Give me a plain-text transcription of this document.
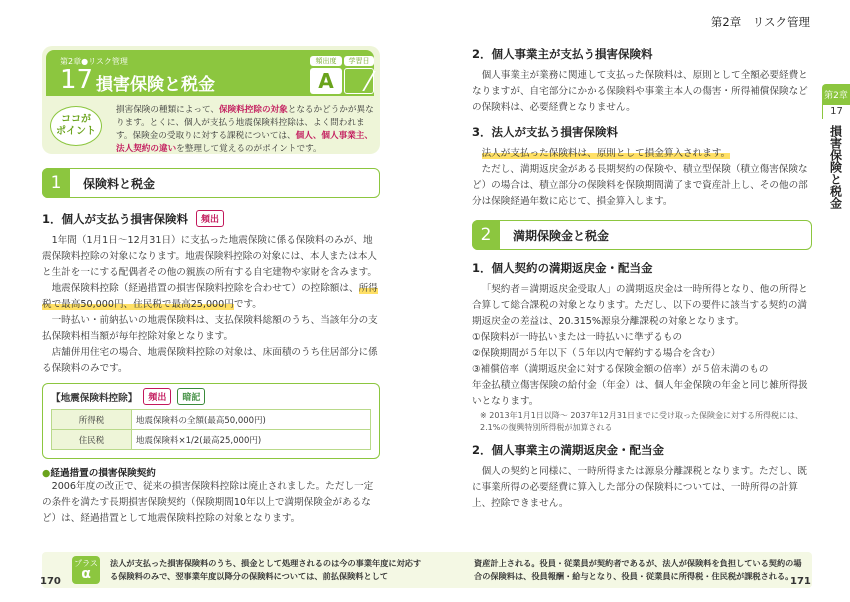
第2章　リスク管理
第2章●リスク管理
17 損害保険と税金
頻出度
A
学習日
ココが
ポイント
損害保険の種類によって、保険料控除の対象となるかどうかが異なります。とくに、個人が支払う地震保険料控除は、よく問われます。保険金の受取りに対する課税については、個人、個人事業主、法人契約の違いを整理して覚えるのがポイントです。
1	保険料と税金
1．個人が支払う損害保険料	頻出

1年間（1月1日～12月31日）に支払った地震保険に係る保険料のみが、地震保険料控除の対象になります。地震保険料控除の対象には、本人または本人と生計を一にする配偶者その他の親族の所有する自宅建物や家財を含みます。

地震保険料控除（経過措置の損害保険料控除を合わせて）の控除額は、所得税で最高50,000円、住民税で最高25,000円です。

一時払い・前納払いの地震保険料は、支払保険料総額のうち、当該年分の支払保険料相当額が毎年控除対象となります。

店舗併用住宅の場合、地震保険料控除の対象は、床面積のうち住居部分に係る保険料のみです。

【地震保険料控除】	頻出	暗記
所得税	地震保険料の全額(最高50,000円)
住民税	地震保険料×1/2(最高25,000円)
● 経過措置の損害保険契約

2006年度の改正で、従来の損害保険料控除は廃止されました。ただし一定の条件を満たす長期損害保険契約（保険期間10年以上で満期保険金があるなど）は、経過措置として地震保険料控除の対象となります。

2．個人事業主が支払う損害保険料

個人事業主が業務に関連して支払った保険料は、原則として全額必要経費となりますが、自宅部分にかかる保険料や事業主本人の傷害・所得補償保険などの保険料は、必要経費となりません。

3．法人が支払う損害保険料

法人が支払った保険料は、原則として損金算入されます。

ただし、満期返戻金がある長期契約の保険や、積立型保険（積立傷害保険など）の場合は、積立部分の保険料を保険期間満了まで資産計上し、その他の部分は保険経過年数に応じて、損金算入します。

2	満期保険金と税金
1．個人契約の満期返戻金・配当金

「契約者＝満期返戻金受取人」の満期返戻金は一時所得となり、他の所得と合算して総合課税の対象となります。ただし、以下の要件に該当する契約の満期返戻金の差益は、20.315%源泉分離課税の対象となります。

①保険料が一時払いまたは一時払いに準ずるもの

②保険期間が５年以下（５年以内で解約する場合を含む）

③補償倍率（満期返戻金に対する保険金額の倍率）が５倍未満のもの

年金払積立傷害保険の給付金（年金）は、個人年金保険の年金と同じ雑所得扱いとなります。

※ 2013年1月1日以降～ 2037年12月31日までに受け取った保険金に対する所得税には、2.1%の復興特別所得税が加算される

2．個人事業主の満期返戻金・配当金

個人の契約と同様に、一時所得または源泉分離課税となります。ただし、既に事業所得の必要経費に算入した部分の保険料については、一時所得の計算上、控除できません。

プラス
α
法人が支払った損害保険料のうち、損金として処理されるのは今の事業年度に対応する保険料のみで、翌事業年度以降分の保険料については、前払保険料として
資産計上される。役員・従業員が契約者であるが、法人が保険料を負担している契約の場合の保険料は、役員報酬・給与となり、役員・従業員に所得税・住民税が課税される。
170	171
第2章
17
損害保険と税金
